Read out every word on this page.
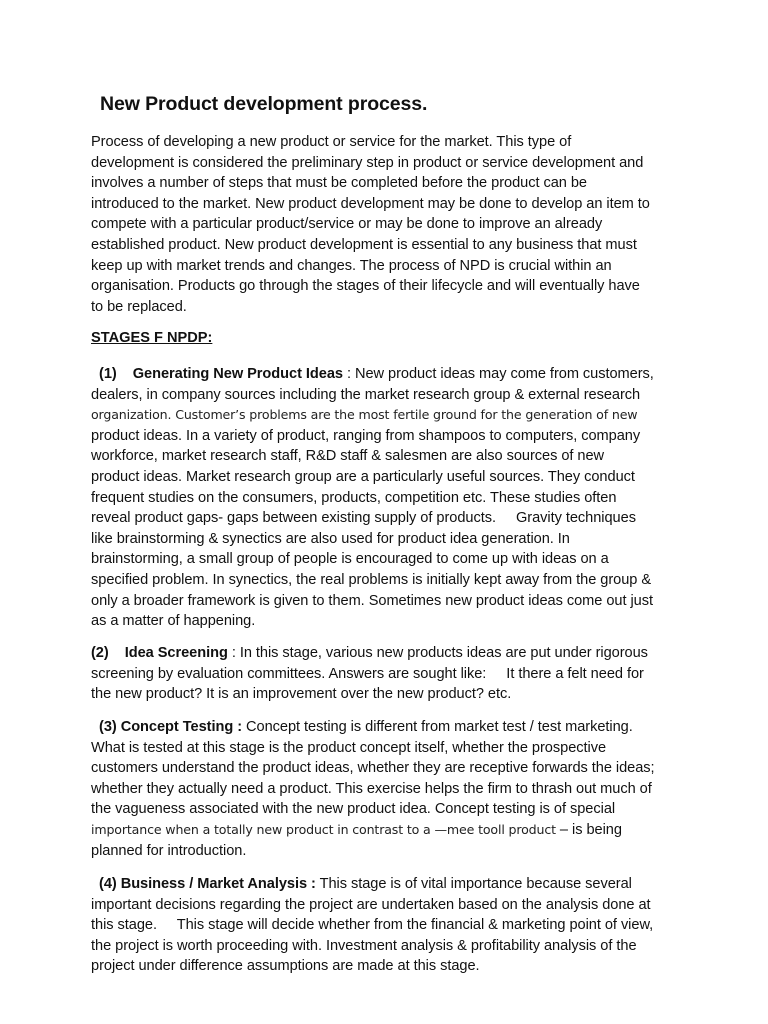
New Product development process.
Process of developing a new product or service for the market. This type of
development is considered the preliminary step in product or service development and
involves a number of steps that must be completed before the product can be
introduced to the market. New product development may be done to develop an item to
compete with a particular product/service or may be done to improve an already
established product. New product development is essential to any business that must
keep up with market trends and changes. The process of NPD is crucial within an
organisation. Products go through the stages of their lifecycle and will eventually have
to be replaced.
STAGES F NPDP:
(1)    Generating New Product Ideas : New product ideas may come from customers,
dealers, in company sources including the market research group & external research
organization. Customer’s problems are the most fertile ground for the generation of new
product ideas. In a variety of product, ranging from shampoos to computers, company
workforce, market research staff, R&D staff & salesmen are also sources of new
product ideas. Market research group are a particularly useful sources. They conduct
frequent studies on the consumers, products, competition etc. These studies often
reveal product gaps- gaps between existing supply of products.     Gravity techniques
like brainstorming & synectics are also used for product idea generation. In
brainstorming, a small group of people is encouraged to come up with ideas on a
specified problem. In synectics, the real problems is initially kept away from the group &
only a broader framework is given to them. Sometimes new product ideas come out just
as a matter of happening.
(2)    Idea Screening : In this stage, various new products ideas are put under rigorous
screening by evaluation committees. Answers are sought like:     It there a felt need for
the new product? It is an improvement over the new product? etc.
(3) Concept Testing : Concept testing is different from market test / test marketing.
What is tested at this stage is the product concept itself, whether the prospective
customers understand the product ideas, whether they are receptive forwards the ideas;
whether they actually need a product. This exercise helps the firm to thrash out much of
the vagueness associated with the new product idea. Concept testing is of special
importance when a totally new product in contrast to a —mee tooll product – is being
planned for introduction.
(4) Business / Market Analysis : This stage is of vital importance because several
important decisions regarding the project are undertaken based on the analysis done at
this stage.     This stage will decide whether from the financial & marketing point of view,
the project is worth proceeding with. Investment analysis & profitability analysis of the
project under difference assumptions are made at this stage.
